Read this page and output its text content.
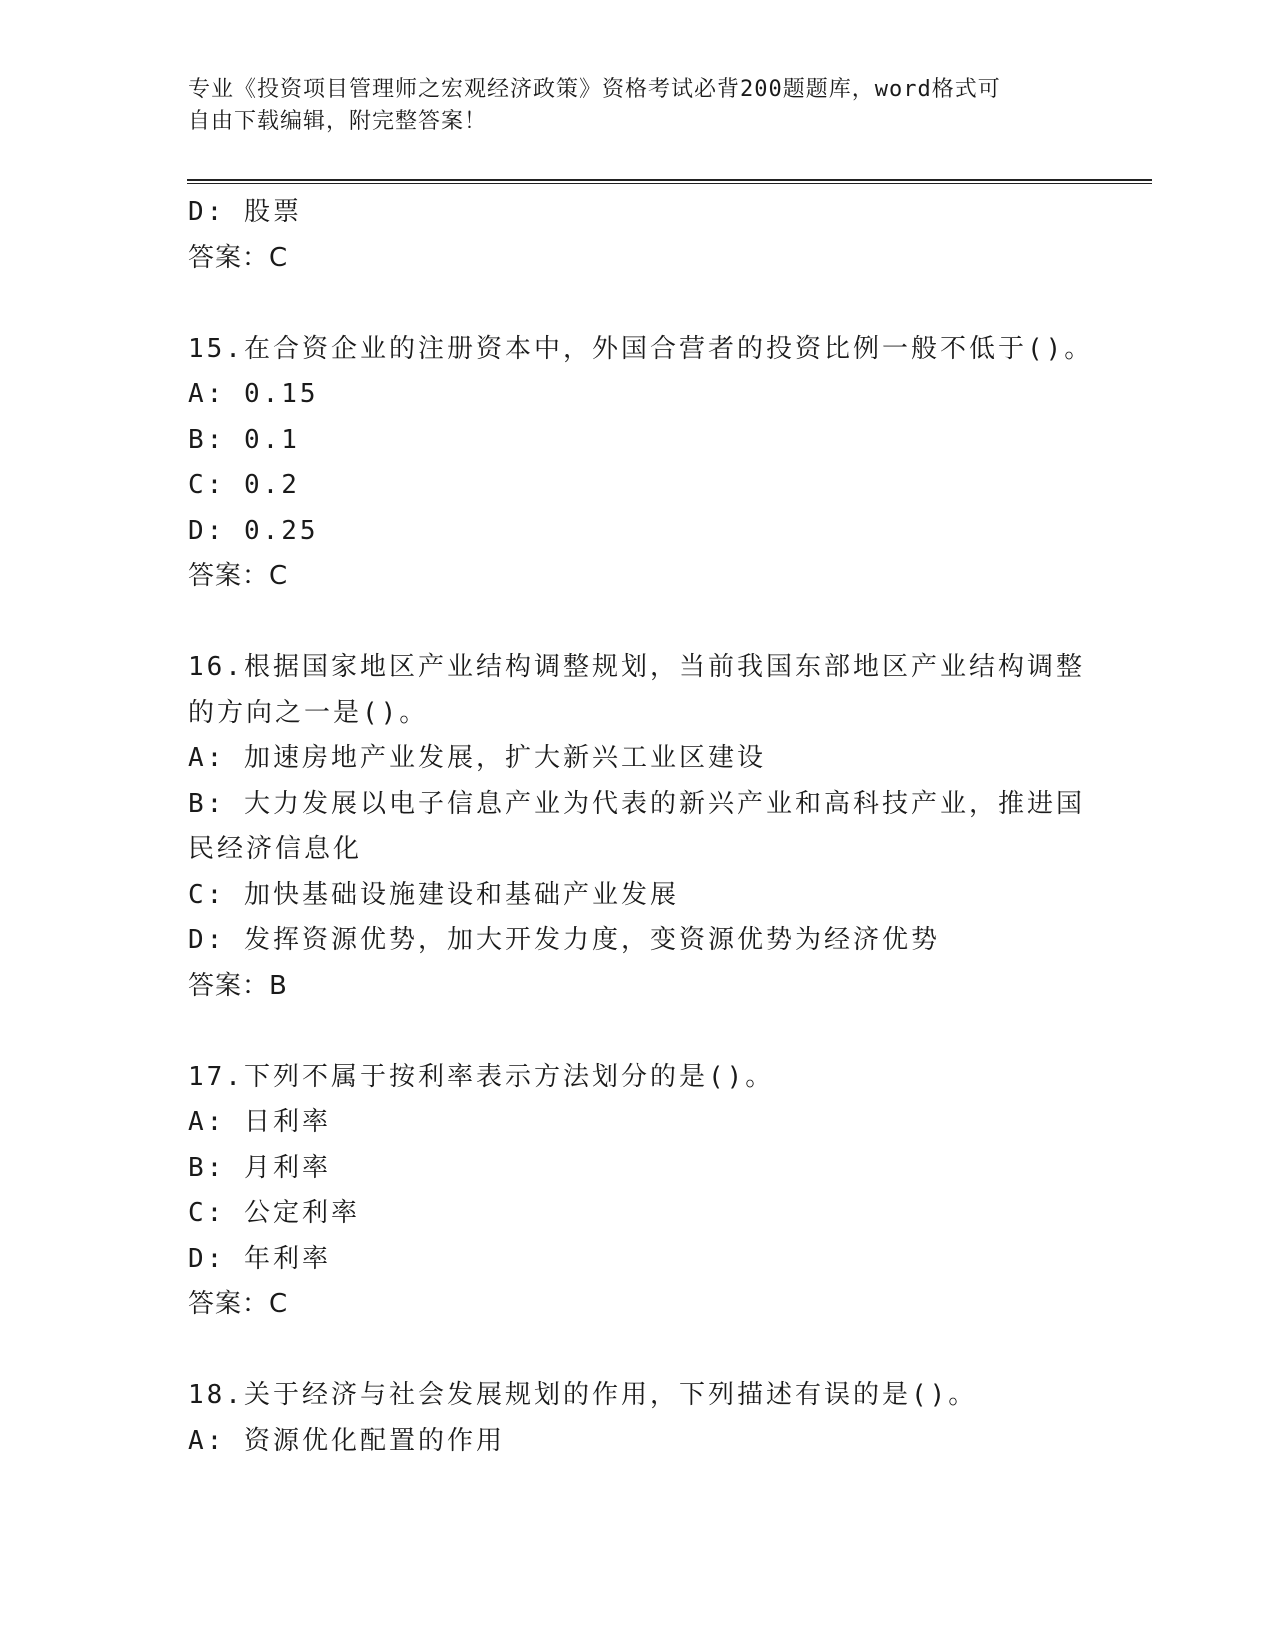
专业《投资项目管理师之宏观经济政策》资格考试必背200题题库，word格式可
自由下载编辑，附完整答案！
D: 股票
答案：C
15.在合资企业的注册资本中，外国合营者的投资比例一般不低于()。
A: 0.15
B: 0.1
C: 0.2
D: 0.25
答案：C
16.根据国家地区产业结构调整规划，当前我国东部地区产业结构调整
的方向之一是()。
A: 加速房地产业发展，扩大新兴工业区建设
B: 大力发展以电子信息产业为代表的新兴产业和高科技产业，推进国
民经济信息化
C: 加快基础设施建设和基础产业发展
D: 发挥资源优势，加大开发力度，变资源优势为经济优势
答案：B
17.下列不属于按利率表示方法划分的是()。
A: 日利率
B: 月利率
C: 公定利率
D: 年利率
答案：C
18.关于经济与社会发展规划的作用，下列描述有误的是()。
A: 资源优化配置的作用
